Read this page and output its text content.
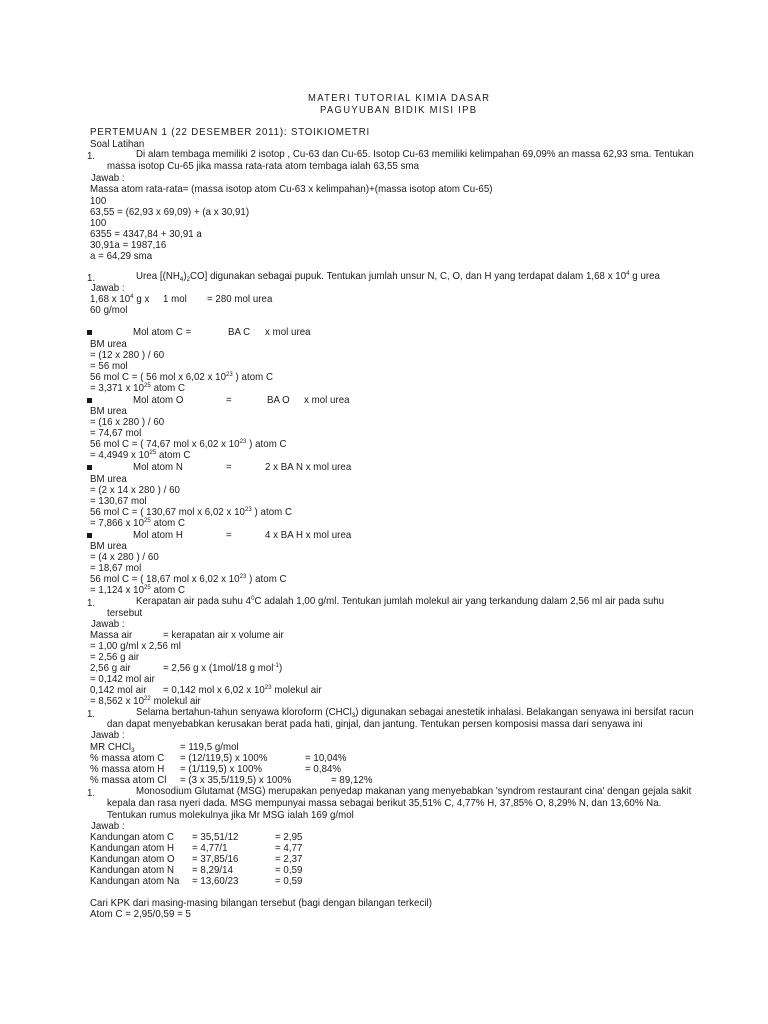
MATERI TUTORIAL KIMIA DASAR
PAGUYUBAN BIDIK MISI IPB
PERTEMUAN 1 (22 DESEMBER 2011): STOIKIOMETRI
Soal Latihan
1.	Di alam tembaga memiliki 2 isotop , Cu-63 dan Cu-65. Isotop Cu-63 memiliki kelimpahan 69,09% an massa 62,93 sma. Tentukan
massa isotop Cu-65 jika massa rata-rata atom tembaga ialah 63,55 sma
Jawab :
Massa atom rata-rata= (massa isotop atom Cu-63 x kelimpahan)+(massa isotop atom Cu-65)
100
63,55 = (62,93 x 69,09) + (a x 30,91)
100
6355 = 4347,84 + 30,91 a
30,91a = 1987,16
a = 64,29 sma
1.	Urea $[(NH_4)_2CO]$ digunakan sebagai pupuk. Tentukan jumlah unsur N, C, O, dan H yang terdapat dalam 1,68 x $10^4$ g urea
Jawab :
1,68 x $10^4$ g x 1 mol = 280 mol urea
60 g/mol
Mol atom C =	BA C x mol urea
BM urea
= (12 x 280 ) / 60
= 56 mol
56 mol C = ( 56 mol x 6,02 x $10^{23}$ ) atom C
= 3,371 x $10^{25}$ atom C
Mol atom O	=	BA O x mol urea
BM urea
= (16 x 280 ) / 60
= 74,67 mol
56 mol C = ( 74,67 mol x 6,02 x $10^{23}$ ) atom C
= 4,4949 x $10^{25}$ atom C
Mol atom N	=	2 x BA N x mol urea
BM urea
= (2 x 14 x 280 ) / 60
= 130,67 mol
56 mol C = ( 130,67 mol x 6,02 x $10^{23}$ ) atom C
= 7,866 x $10^{25}$ atom C
Mol atom H	=	4 x BA H x mol urea
BM urea
= (4 x 280 ) / 60
= 18,67 mol
56 mol C = ( 18,67 mol x 6,02 x $10^{23}$ ) atom C
= 1,124 x $10^{25}$ atom C
1.	Kerapatan air pada suhu $4^0C$ adalah 1,00 g/ml. Tentukan jumlah molekul air yang terkandung dalam 2,56 ml air pada suhu
tersebut
Jawab :
Massa air	= kerapatan air x volume air
= 1,00 g/ml x 2,56 ml
= 2,56 g air
2,56 g air	= 2,56 g x (1mol/18 g mol$^{-1}$)
= 0,142 mol air
0,142 mol air = 0,142 mol x 6,02 x $10^{23}$ molekul air
= 8,562 x $10^{22}$ molekul air
1.	Selama bertahun-tahun senyawa kloroform (CHCl$_3$) digunakan sebagai anestetik inhalasi. Belakangan senyawa ini bersifat racun
dan dapat menyebabkan kerusakan berat pada hati, ginjal, dan jantung. Tentukan persen komposisi massa dari senyawa ini
Jawab :
MR CHCl$_3$	= 119,5 g/mol
% massa atom C = (12/119,5) x 100%	= 10,04%
% massa atom H = (1/119,5) x 100%	= 0,84%
% massa atom Cl = (3 x 35,5/119,5) x 100%	= 89,12%
1.	Monosodium Glutamat (MSG) merupakan penyedap makanan yang menyebabkan 'syndrom restaurant cina' dengan gejala sakit
kepala dan rasa nyeri dada. MSG mempunyai massa sebagai berikut 35,51% C, 4,77% H, 37,85% O, 8,29% N, dan 13,60% Na.
Tentukan rumus molekulnya jika Mr MSG ialah 169 g/mol
Jawab :
Kandungan atom C = 35,51/12	= 2,95
Kandungan atom H = 4,77/1	= 4,77
Kandungan atom O = 37,85/16	= 2,37
Kandungan atom N = 8,29/14	= 0,59
Kandungan atom Na = 13,60/23	= 0,59
Cari KPK dari masing-masing bilangan tersebut (bagi dengan bilangan terkecil)
Atom C = 2,95/0,59 = 5
